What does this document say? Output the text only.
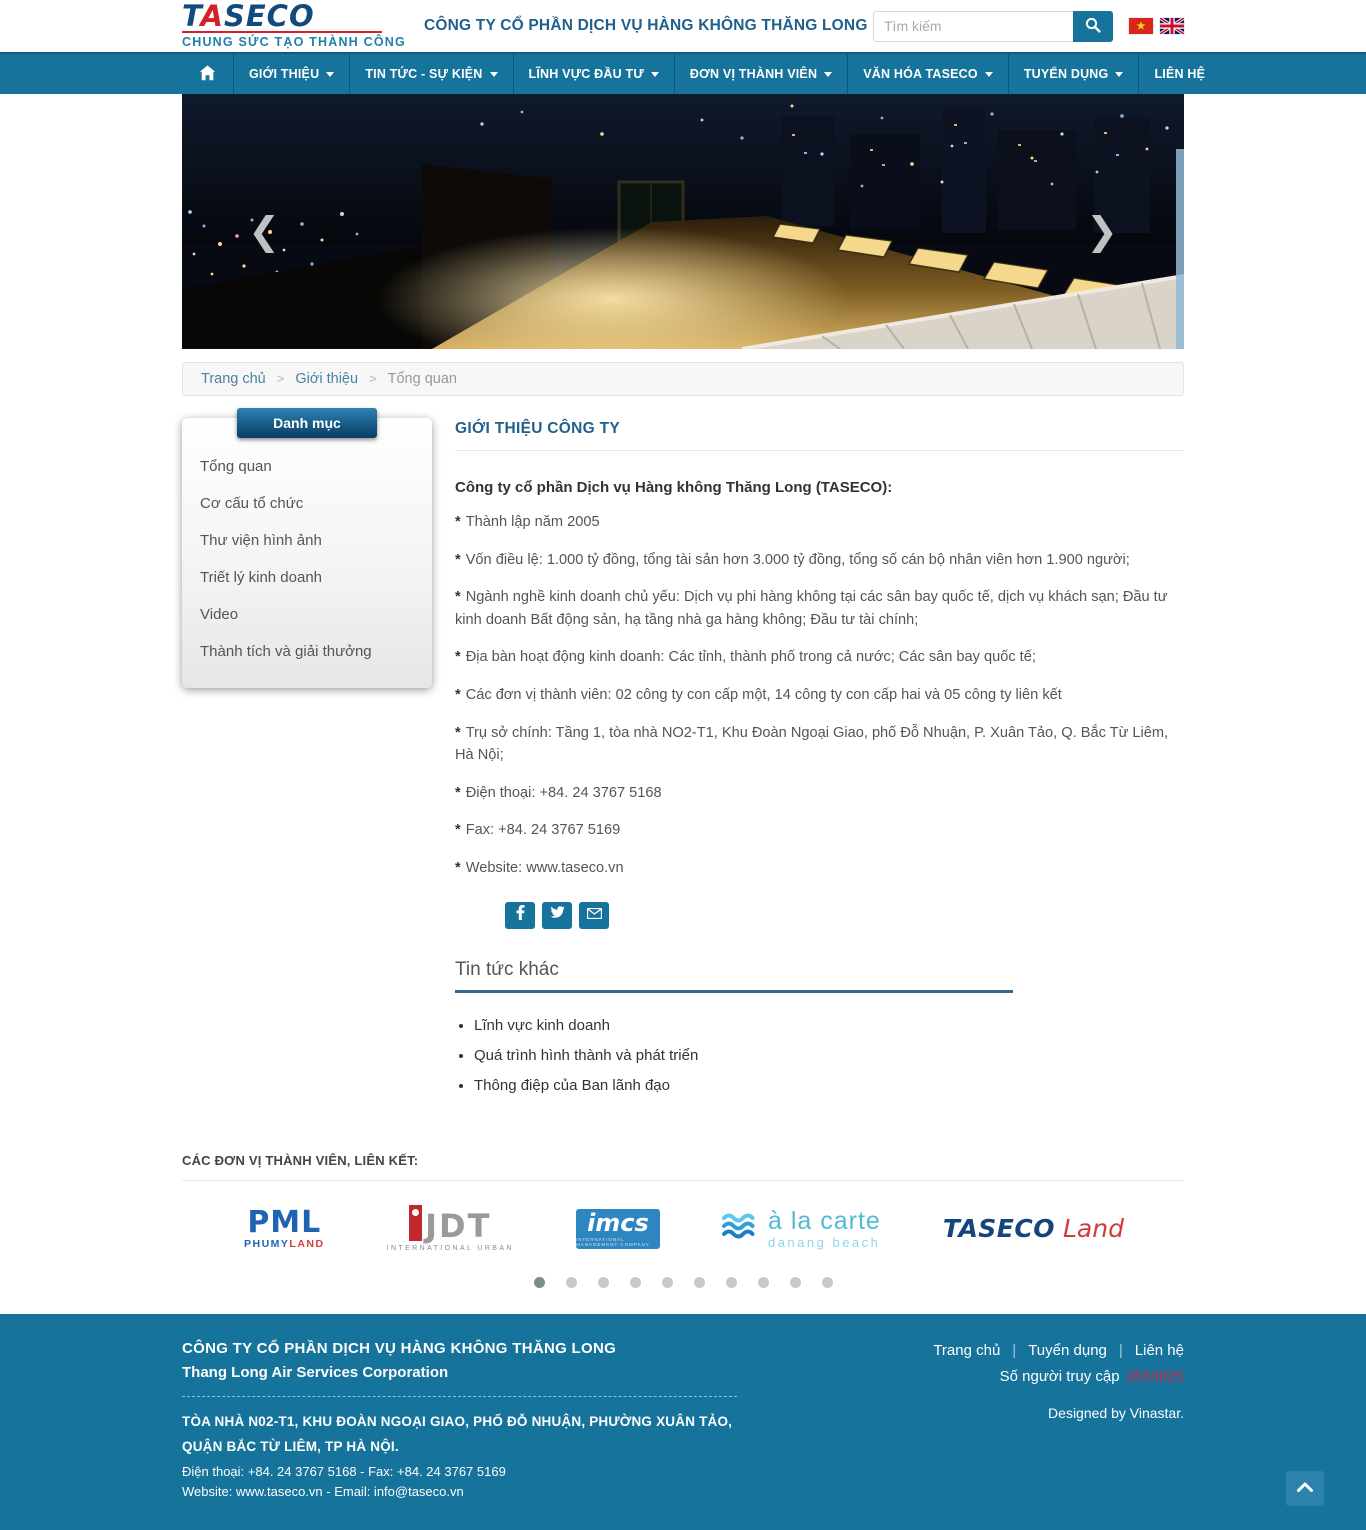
TASECO
CHUNG SỨC TẠO THÀNH CÔNG
CÔNG TY CỔ PHẦN DỊCH VỤ HÀNG KHÔNG THĂNG LONG
Tìm kiếm
GIỚI THIỆU	TIN TỨC - SỰ KIỆN	LĨNH VỰC ĐẦU TƯ	ĐƠN VỊ THÀNH VIÊN	VĂN HÓA TASECO	TUYỂN DỤNG	LIÊN HỆ
❮
❯
Trang chủ	> Giới thiệu	> Tổng quan
Danh mục
Tổng quan
Cơ cấu tổ chức
Thư viện hình ảnh
Triết lý kinh doanh
Video
Thành tích và giải thưởng
GIỚI THIỆU CÔNG TY

Công ty cổ phần Dịch vụ Hàng không Thăng Long (TASECO):

* Thành lập năm 2005

* Vốn điều lệ: 1.000 tỷ đồng, tổng tài sản hơn 3.000 tỷ đồng, tổng số cán bộ nhân viên hơn 1.900 người;

* Ngành nghề kinh doanh chủ yếu: Dịch vụ phi hàng không tại các sân bay quốc tế, dịch vụ khách sạn; Đầu tư kinh doanh Bất động sản, hạ tầng nhà ga hàng không; Đầu tư tài chính;

* Địa bàn hoạt động kinh doanh: Các tỉnh, thành phố trong cả nước; Các sân bay quốc tế;

* Các đơn vị thành viên: 02 công ty con cấp một, 14 công ty con cấp hai và 05 công ty liên kết

* Trụ sở chính: Tầng 1, tòa nhà NO2-T1, Khu Đoàn Ngoại Giao, phố Đỗ Nhuận, P. Xuân Tảo, Q. Bắc Từ Liêm, Hà Nội;

* Điện thoại: +84. 24 3767 5168

* Fax: +84. 24 3767 5169

* Website: www.taseco.vn

Tin tức khác
• Lĩnh vực kinh doanh
• Quá trình hình thành và phát triển
• Thông điệp của Ban lãnh đạo
CÁC ĐƠN VỊ THÀNH VIÊN, LIÊN KẾT:
PML
PHUMYLAND	JDT
INTERNATIONAL URBAN
imcs
INTERNATIONAL MANAGEMENT COMPANY
à la carte
danang beach TASECO Land
CÔNG TY CỔ PHẦN DỊCH VỤ HÀNG KHÔNG THĂNG LONG
Thang Long Air Services Corporation
TÒA NHÀ N02-T1, KHU ĐOÀN NGOẠI GIAO, PHỐ ĐỖ NHUẬN, PHƯỜNG XUÂN TẢO,
QUẬN BẮC TỪ LIÊM, TP HÀ NỘI.
Điện thoại: +84. 24 3767 5168 - Fax: +84. 24 3767 5169
Website: www.taseco.vn - Email: info@taseco.vn
Trang chủ | Tuyển dụng | Liên hệ
Số người truy cập 2833825
Designed by Vinastar.
